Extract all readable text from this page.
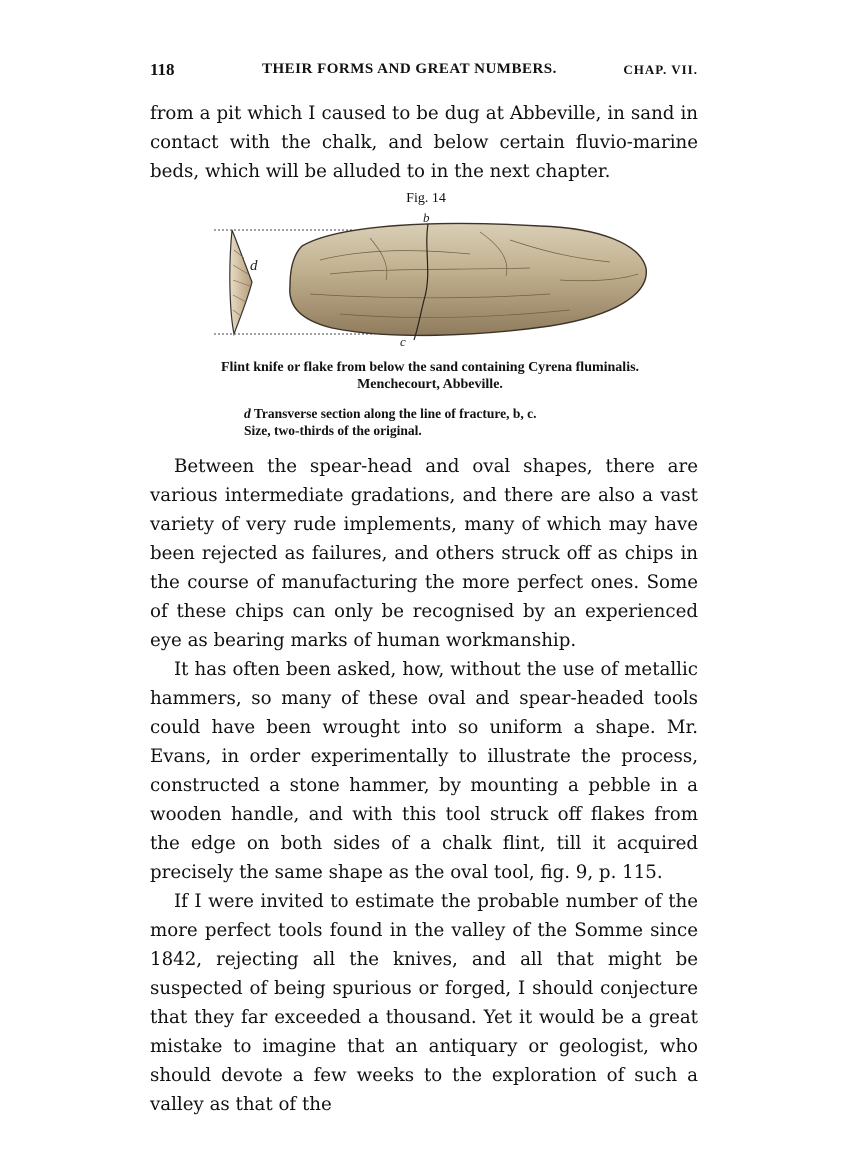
118	THEIR FORMS AND GREAT NUMBERS.	CHAP. VII.

from a pit which I caused to be dug at Abbeville, in sand in contact with the chalk, and below certain fluvio-marine beds, which will be alluded to in the next chapter.

Fig. 14
b
c
d
Flint knife or flake from below the sand containing Cyrena fluminalis.
Menchecourt, Abbeville.
d Transverse section along the line of fracture, b, c.
Size, two-thirds of the original.

Between the spear-head and oval shapes, there are various intermediate gradations, and there are also a vast variety of very rude implements, many of which may have been rejected as failures, and others struck off as chips in the course of manufacturing the more perfect ones. Some of these chips can only be recognised by an experienced eye as bearing marks of human workmanship.

It has often been asked, how, without the use of metallic hammers, so many of these oval and spear-headed tools could have been wrought into so uniform a shape. Mr. Evans, in order experimentally to illustrate the process, constructed a stone hammer, by mounting a pebble in a wooden handle, and with this tool struck off flakes from the edge on both sides of a chalk flint, till it acquired precisely the same shape as the oval tool, fig. 9, p. 115.

If I were invited to estimate the probable number of the more perfect tools found in the valley of the Somme since 1842, rejecting all the knives, and all that might be suspected of being spurious or forged, I should conjecture that they far exceeded a thousand. Yet it would be a great mistake to imagine that an antiquary or geologist, who should devote a few weeks to the exploration of such a valley as that of the
